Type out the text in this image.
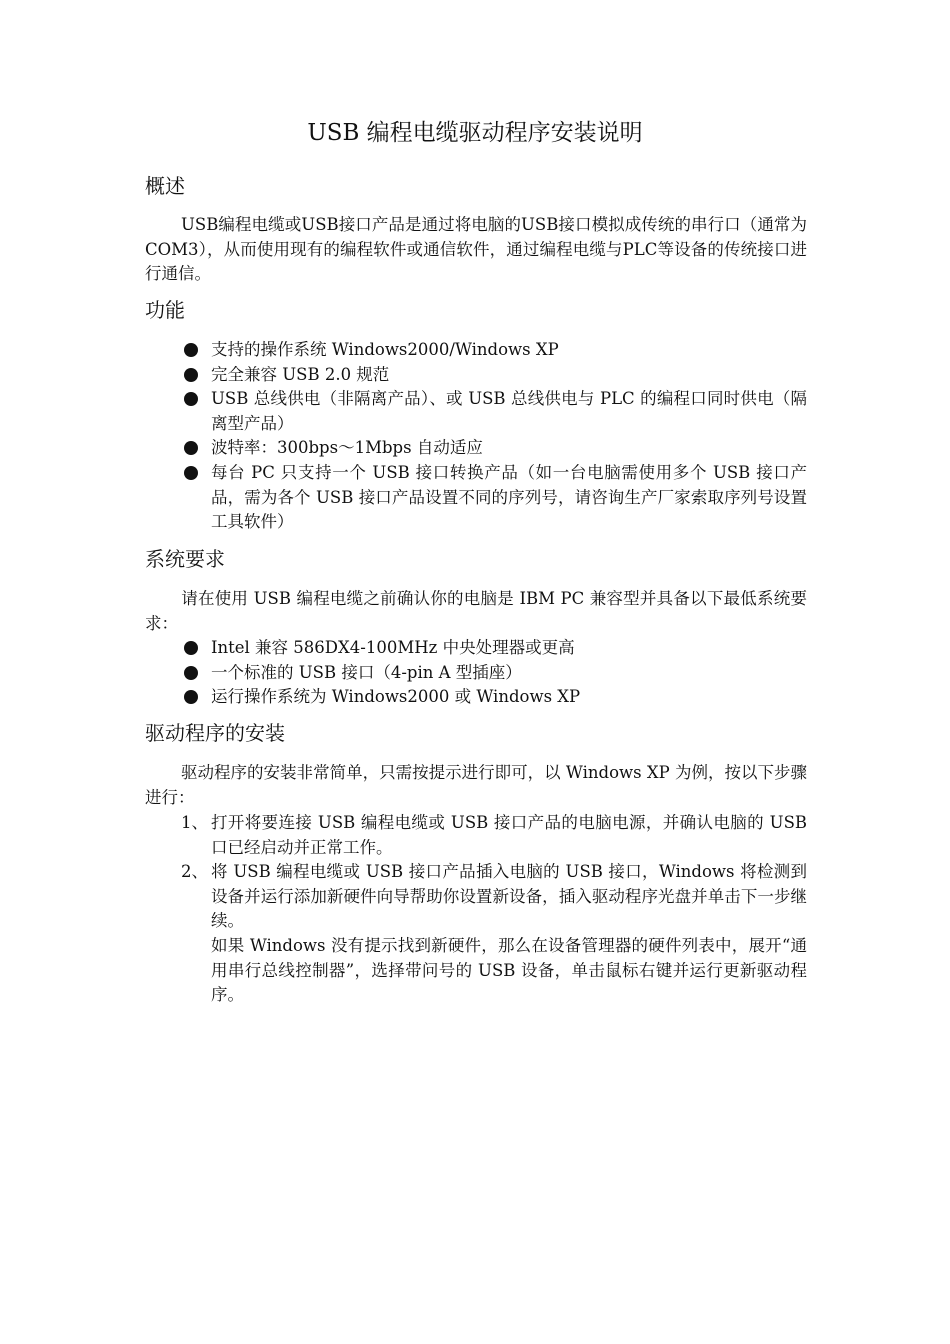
USB 编程电缆驱动程序安装说明
概述
USB编程电缆或USB接口产品是通过将电脑的USB接口模拟成传统的串行口（通常为COM3），从而使用现有的编程软件或通信软件，通过编程电缆与PLC等设备的传统接口进行通信。
功能
支持的操作系统 Windows2000/Windows XP
完全兼容 USB 2.0 规范
USB 总线供电（非隔离产品）、或 USB 总线供电与 PLC 的编程口同时供电（隔离型产品）
波特率：300bps～1Mbps 自动适应
每台 PC 只支持一个 USB 接口转换产品（如一台电脑需使用多个 USB 接口产品，需为各个 USB 接口产品设置不同的序列号，请咨询生产厂家索取序列号设置工具软件）
系统要求
请在使用 USB 编程电缆之前确认你的电脑是 IBM PC 兼容型并具备以下最低系统要求：
Intel 兼容 586DX4-100MHz 中央处理器或更高
一个标准的 USB 接口（4-pin A 型插座）
运行操作系统为 Windows2000 或 Windows XP
驱动程序的安装
驱动程序的安装非常简单，只需按提示进行即可，以 Windows XP 为例，按以下步骤进行：
1、 打开将要连接 USB 编程电缆或 USB 接口产品的电脑电源，并确认电脑的 USB 口已经启动并正常工作。
2、 将 USB 编程电缆或 USB 接口产品插入电脑的 USB 接口，Windows 将检测到设备并运行添加新硬件向导帮助你设置新设备，插入驱动程序光盘并单击下一步继续。
如果 Windows 没有提示找到新硬件，那么在设备管理器的硬件列表中，展开“通用串行总线控制器”，选择带问号的 USB 设备，单击鼠标右键并运行更新驱动程序。
